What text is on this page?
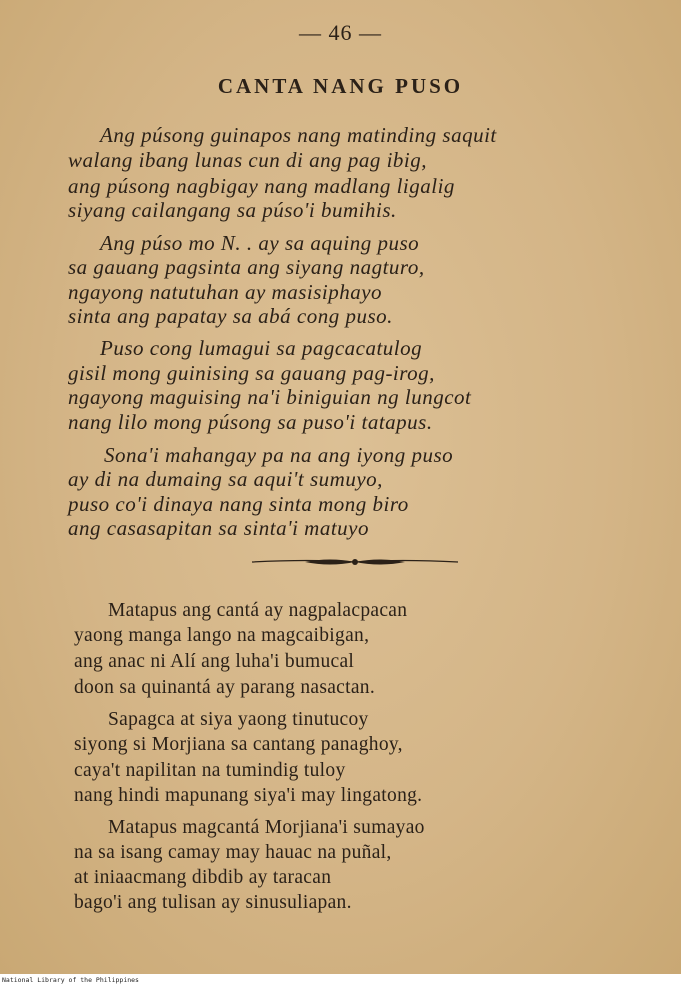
— 46 —
CANTA NANG PUSO
Ang púsong guinapos nang matinding saquit
walang ibang lunas cun di ang pag ibig,
ang púsong nagbigay nang madlang ligalig
siyang cailangang sa púso'i bumihis.
Ang púso mo N. . ay sa aquing puso
sa gauang pagsinta ang siyang nagturo,
ngayong natutuhan ay masisiphayo
sinta ang papatay sa abá cong puso.
Puso cong lumagui sa pagcacatulog
gisil mong guinising sa gauang pag-irog,
ngayong maguising na'i biniguian ng lungcot
nang lilo mong púsong sa puso'i tatapus.
Sona'i mahangay pa na ang iyong puso
ay di na dumaing sa aqui't sumuyo,
puso co'i dinaya nang sinta mong biro
ang casasapitan sa sinta'i matuyo
Matapus ang cantá ay nagpalacpacan
yaong manga lango na magcaibigan,
ang anac ni Alí ang luha'i bumucal
doon sa quinantá ay parang nasactan.
Sapagca at siya yaong tinutucoy
siyong si Morjiana sa cantang panaghoy,
caya't napilitan na tumindig tuloy
nang hindi mapunang siya'i may lingatong.
Matapus magcantá Morjiana'i sumayao
na sa isang camay may hauac na puñal,
at iniaacmang dibdib ay taracan
bago'i ang tulisan ay sinusuliapan.
National Library of the Philippines
